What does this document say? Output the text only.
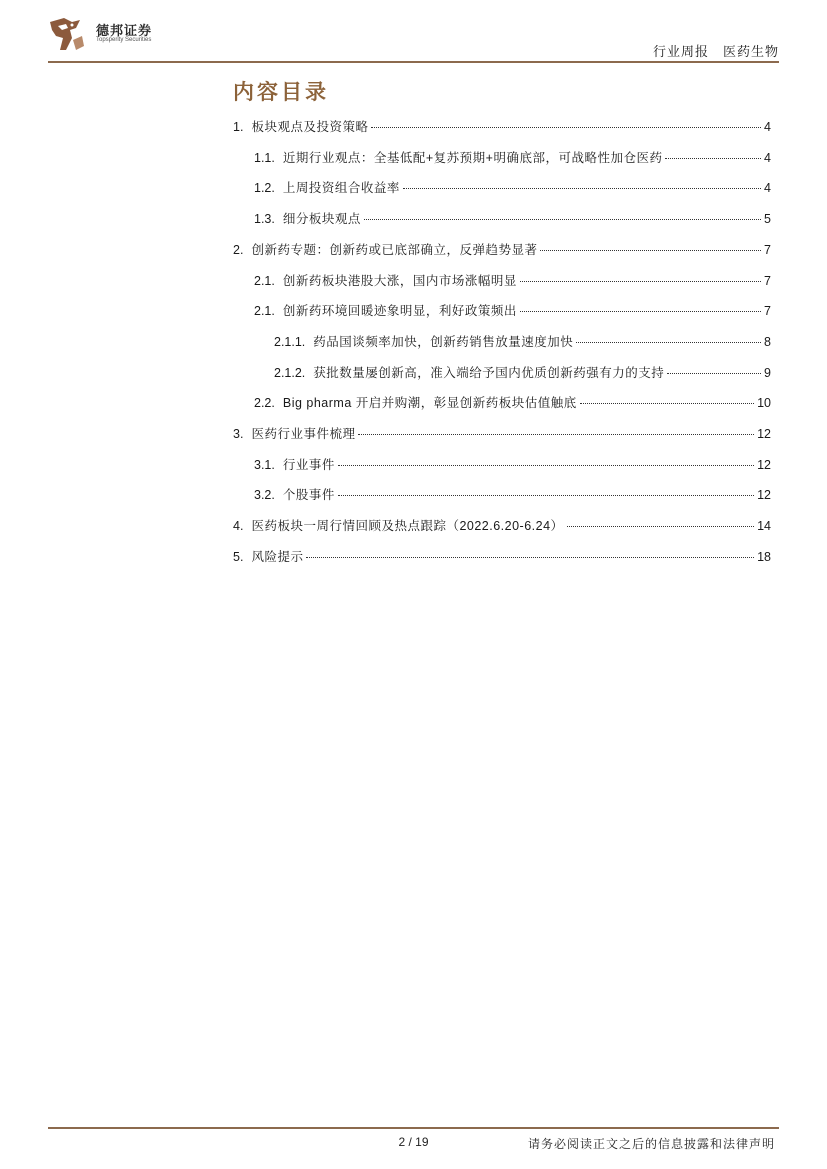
德邦证券
Topsperity Securities
行业周报 医药生物
内容目录
1. 板块观点及投资策略	4
1.1. 近期行业观点：全基低配+复苏预期+明确底部，可战略性加仓医药	4
1.2. 上周投资组合收益率	4
1.3. 细分板块观点	5
2. 创新药专题：创新药或已底部确立，反弹趋势显著	7
2.1. 创新药板块港股大涨，国内市场涨幅明显	7
2.1. 创新药环境回暖迹象明显，利好政策频出	7
2.1.1. 药品国谈频率加快，创新药销售放量速度加快	8
2.1.2. 获批数量屡创新高，准入端给予国内优质创新药强有力的支持	9
2.2. Big pharma 开启并购潮，彰显创新药板块估值触底	10
3. 医药行业事件梳理	12
3.1. 行业事件	12
3.2. 个股事件	12
4. 医药板块一周行情回顾及热点跟踪（2022.6.20-6.24）	14
5. 风险提示	18
2 / 19	请务必阅读正文之后的信息披露和法律声明
